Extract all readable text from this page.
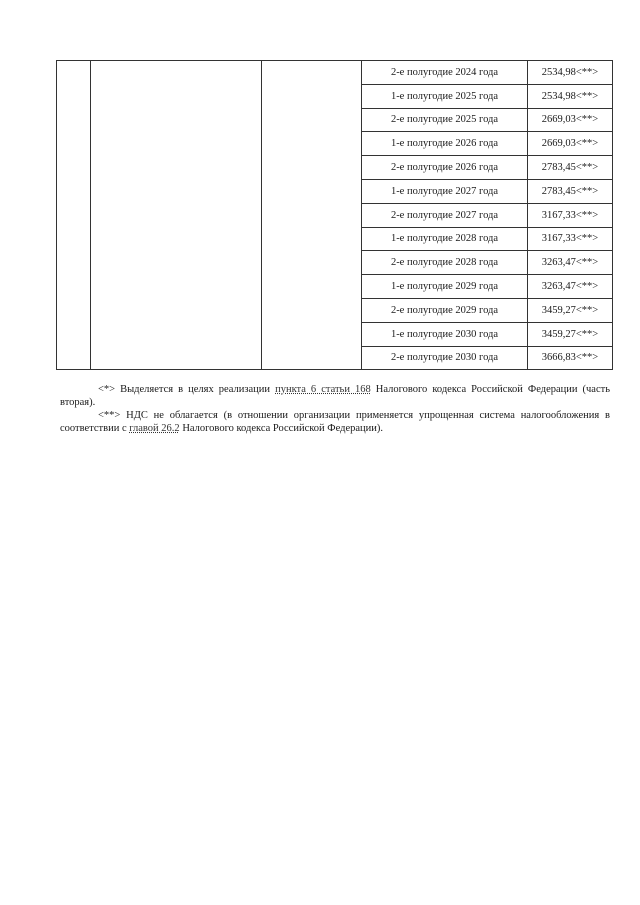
			2-е полугодие 2024 года	2534,98<**>
			1-е полугодие 2025 года	2534,98<**>
			2-е полугодие 2025 года	2669,03<**>
			1-е полугодие 2026 года	2669,03<**>
			2-е полугодие 2026 года	2783,45<**>
			1-е полугодие 2027 года	2783,45<**>
			2-е полугодие 2027 года	3167,33<**>
			1-е полугодие 2028 года	3167,33<**>
			2-е полугодие 2028 года	3263,47<**>
			1-е полугодие 2029 года	3263,47<**>
			2-е полугодие 2029 года	3459,27<**>
			1-е полугодие 2030 года	3459,27<**>
			2-е полугодие 2030 года	3666,83<**>

<*> Выделяется в целях реализации пункта 6 статьи 168 Налогового кодекса Российской Федерации (часть вторая).

<**> НДС не облагается (в отношении организации применяется упрощенная система налогообложения в соответствии с главой 26.2 Налогового кодекса Российской Федерации).
